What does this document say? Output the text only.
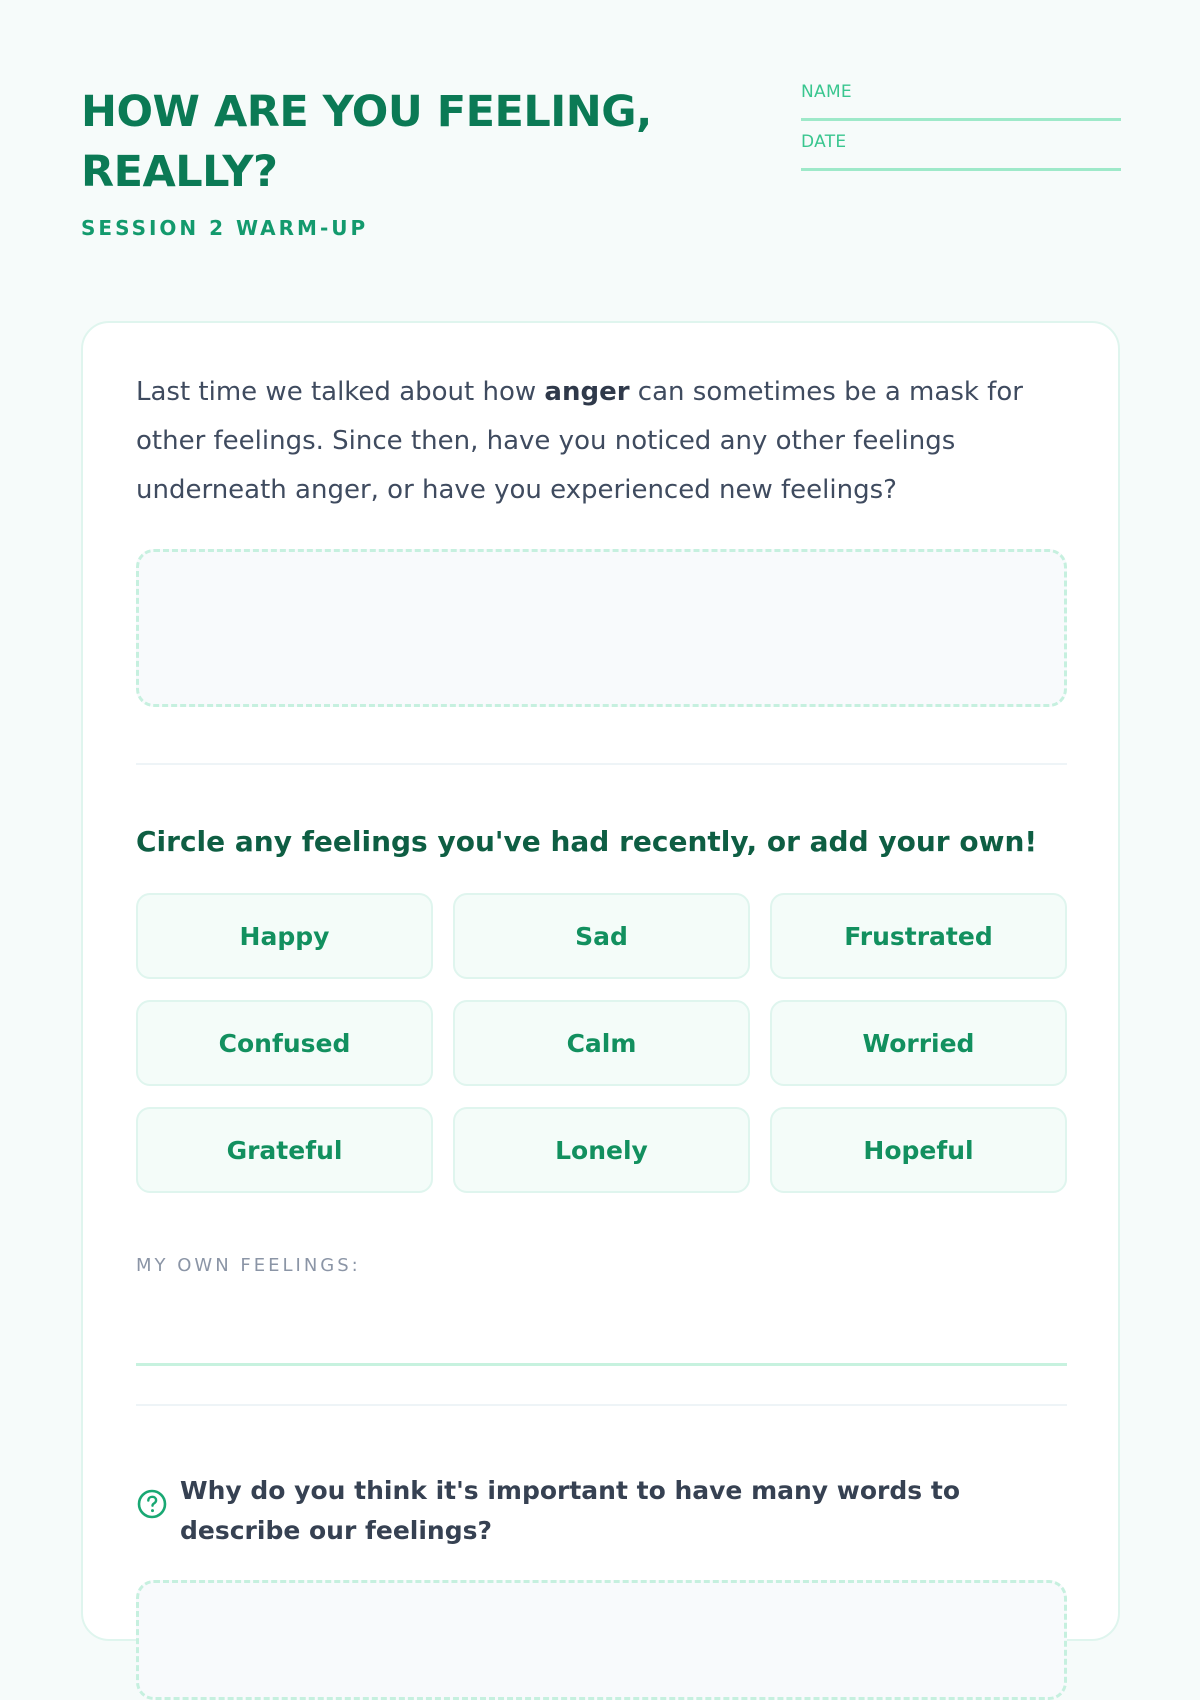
HOW ARE YOU FEELING, REALLY?
SESSION 2 WARM-UP
NAME
DATE

Last time we talked about how anger can sometimes be a mask for other feelings. Since then, have you noticed any other feelings underneath anger, or have you experienced new feelings?

Circle any feelings you've had recently, or add your own!
Happy	Sad	Frustrated
Confused	Calm	Worried
Grateful	Lonely	Hopeful
MY OWN FEELINGS:

Why do you think it's important to have many words to describe our feelings?
